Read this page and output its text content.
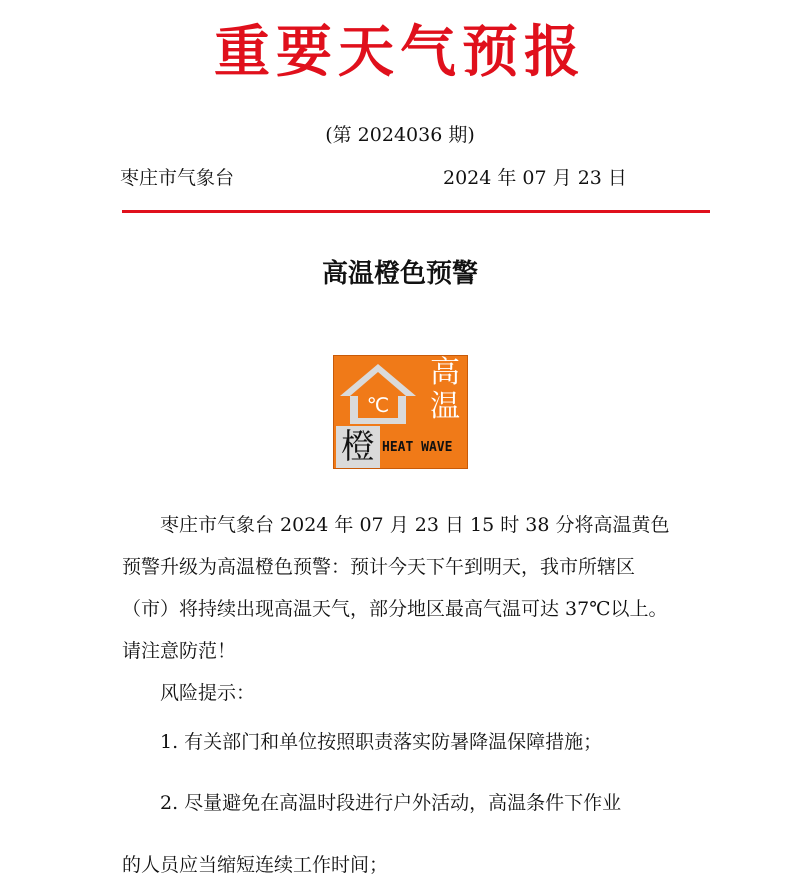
重要天气预报
(第 2024036 期)
枣庄市气象台	2024 年 07 月 23 日
高温橙色预警
℃
高温
橙 HEAT WAVE
枣庄市气象台 2024 年 07 月 23 日 15 时 38 分将高温黄色预警升级为高温橙色预警：预计今天下午到明天，我市所辖区（市）将持续出现高温天气，部分地区最高气温可达 37℃以上。请注意防范！
风险提示：
1. 有关部门和单位按照职责落实防暑降温保障措施；
2. 尽量避免在高温时段进行户外活动，高温条件下作业
的人员应当缩短连续工作时间；
